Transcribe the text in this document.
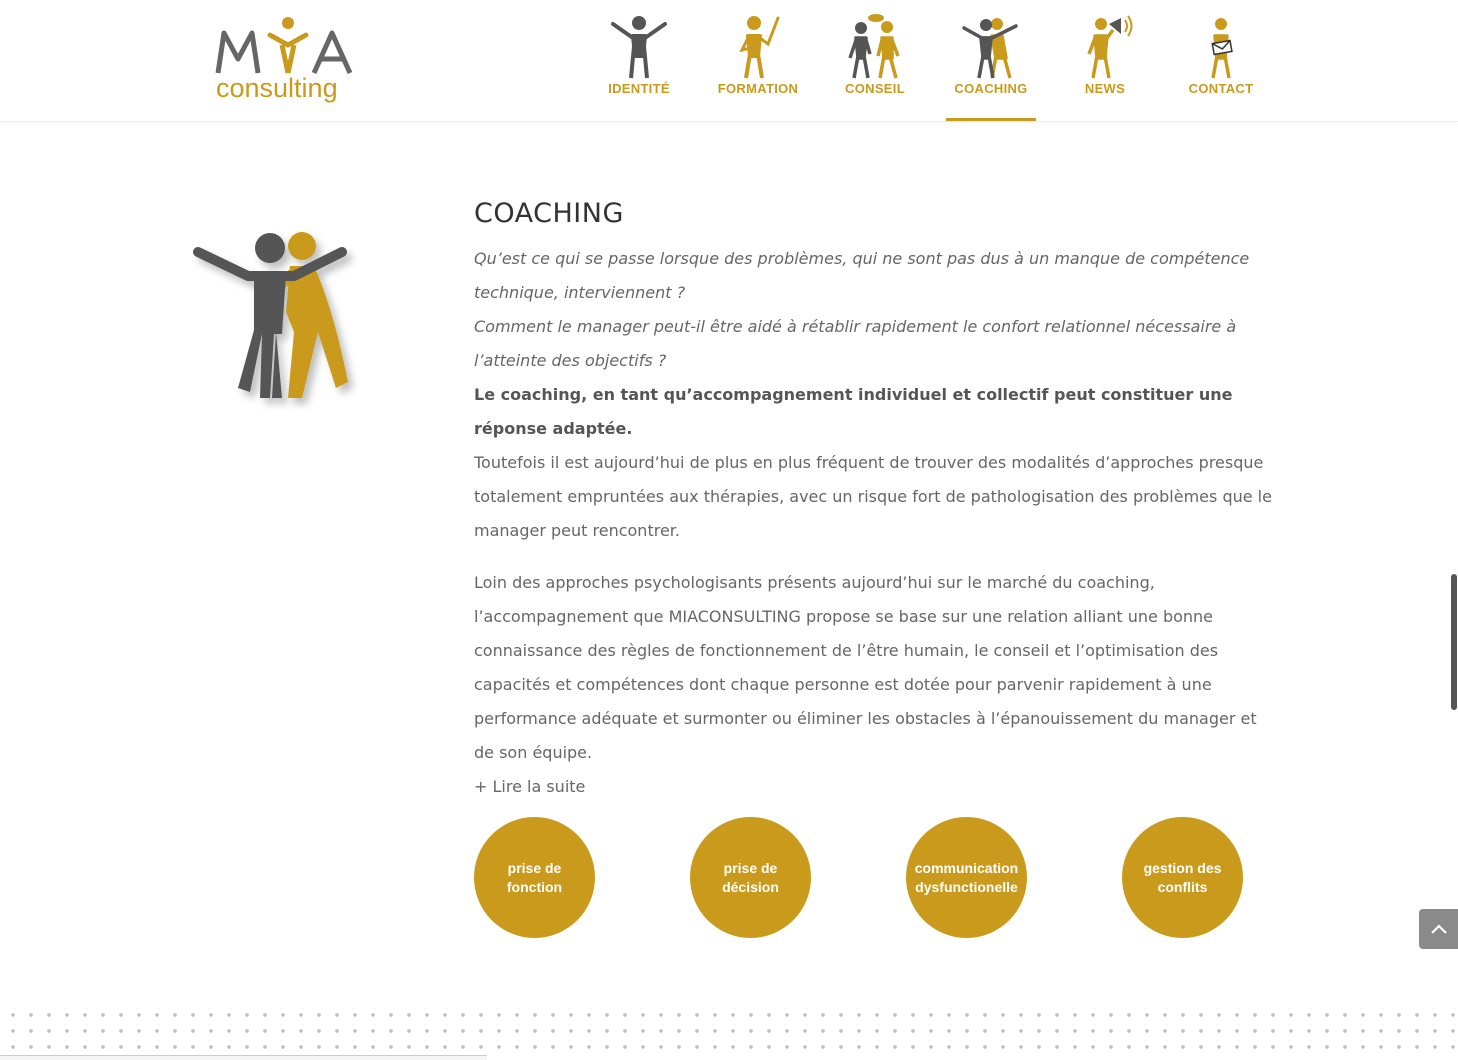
consulting	IDENTITÉ	FORMATION	CONSEIL	COACHING	NEWS	CONTACT
COACHING

Qu’est ce qui se passe lorsque des problèmes, qui ne sont pas dus à un manque de compétence technique, interviennent ?

Comment le manager peut-il être aidé à rétablir rapidement le confort relationnel nécessaire à l’atteinte des objectifs ?

Le coaching, en tant qu’accompagnement individuel et collectif peut constituer une réponse adaptée.

Toutefois il est aujourd’hui de plus en plus fréquent de trouver des modalités d’approches presque totalement empruntées aux thérapies, avec un risque fort de pathologisation des problèmes que le manager peut rencontrer.

Loin des approches psychologisants présents aujourd’hui sur le marché du coaching, l’accompagnement que MIACONSULTING propose se base sur une relation alliant une bonne connaissance des règles de fonctionnement de l’être humain, le conseil et l’optimisation des capacités et compétences dont chaque personne est dotée pour parvenir rapidement à une performance adéquate et surmonter ou éliminer les obstacles à l’épanouissement du manager et de son équipe.

+ Lire la suite

prise de
fonction
prise de
décision
communication
dysfunctionelle
gestion des
conflits
